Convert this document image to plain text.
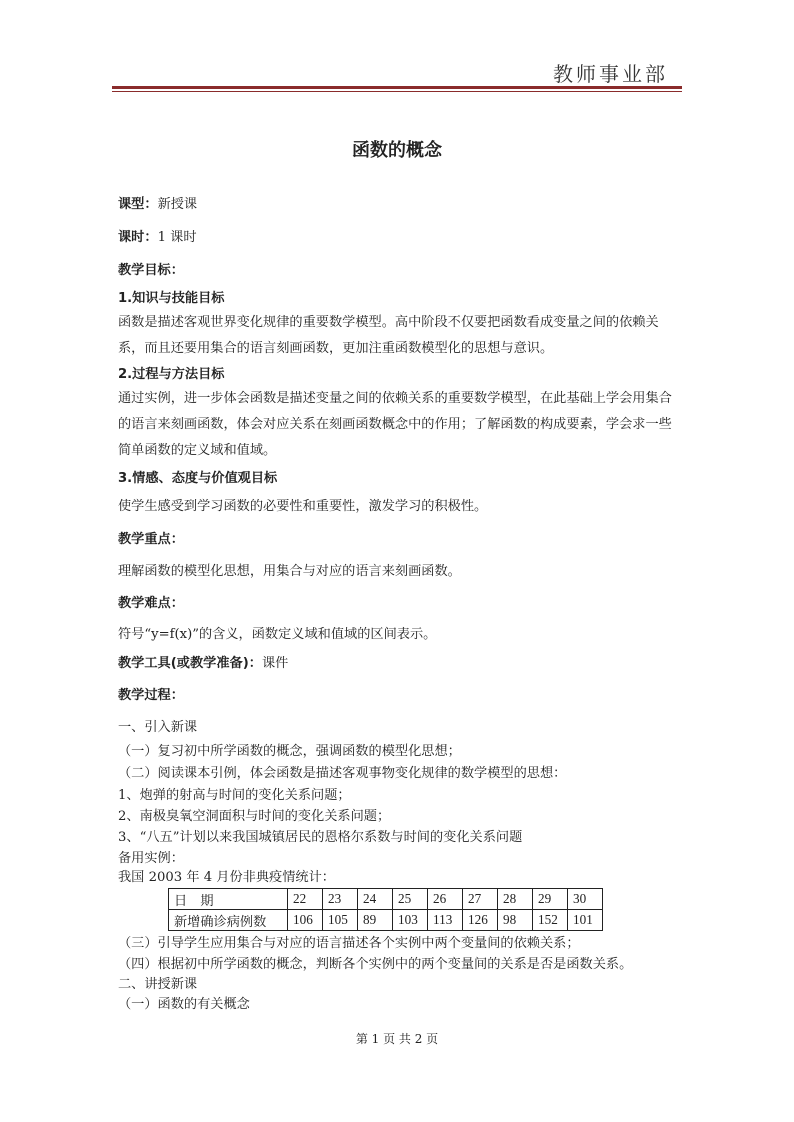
教师事业部
函数的概念
课型：新授课
课时：1 课时
教学目标：
1.知识与技能目标
函数是描述客观世界变化规律的重要数学模型。高中阶段不仅要把函数看成变量之间的依赖关系，而且还要用集合的语言刻画函数，更加注重函数模型化的思想与意识。
2.过程与方法目标
通过实例，进一步体会函数是描述变量之间的依赖关系的重要数学模型，在此基础上学会用集合的语言来刻画函数，体会对应关系在刻画函数概念中的作用；了解函数的构成要素，学会求一些简单函数的定义域和值域。
3.情感、态度与价值观目标
使学生感受到学习函数的必要性和重要性，激发学习的积极性。
教学重点：
理解函数的模型化思想，用集合与对应的语言来刻画函数。
教学难点：
符号“y=f(x)”的含义，函数定义域和值域的区间表示。
教学工具(或教学准备)：课件
教学过程：
一、引入新课
（一）复习初中所学函数的概念，强调函数的模型化思想；
（二）阅读课本引例，体会函数是描述客观事物变化规律的数学模型的思想：
1、炮弹的射高与时间的变化关系问题；
2、南极臭氧空洞面积与时间的变化关系问题；
3、“八五”计划以来我国城镇居民的恩格尔系数与时间的变化关系问题
备用实例：
我国 2003 年 4 月份非典疫情统计：
日　期	22	23	24	25	26	27	28	29	30
新增确诊病例数	106	105	89	103	113	126	98	152	101
（三）引导学生应用集合与对应的语言描述各个实例中两个变量间的依赖关系；
（四）根据初中所学函数的概念，判断各个实例中的两个变量间的关系是否是函数关系。
二、讲授新课
（一）函数的有关概念
第 1 页 共 2 页
